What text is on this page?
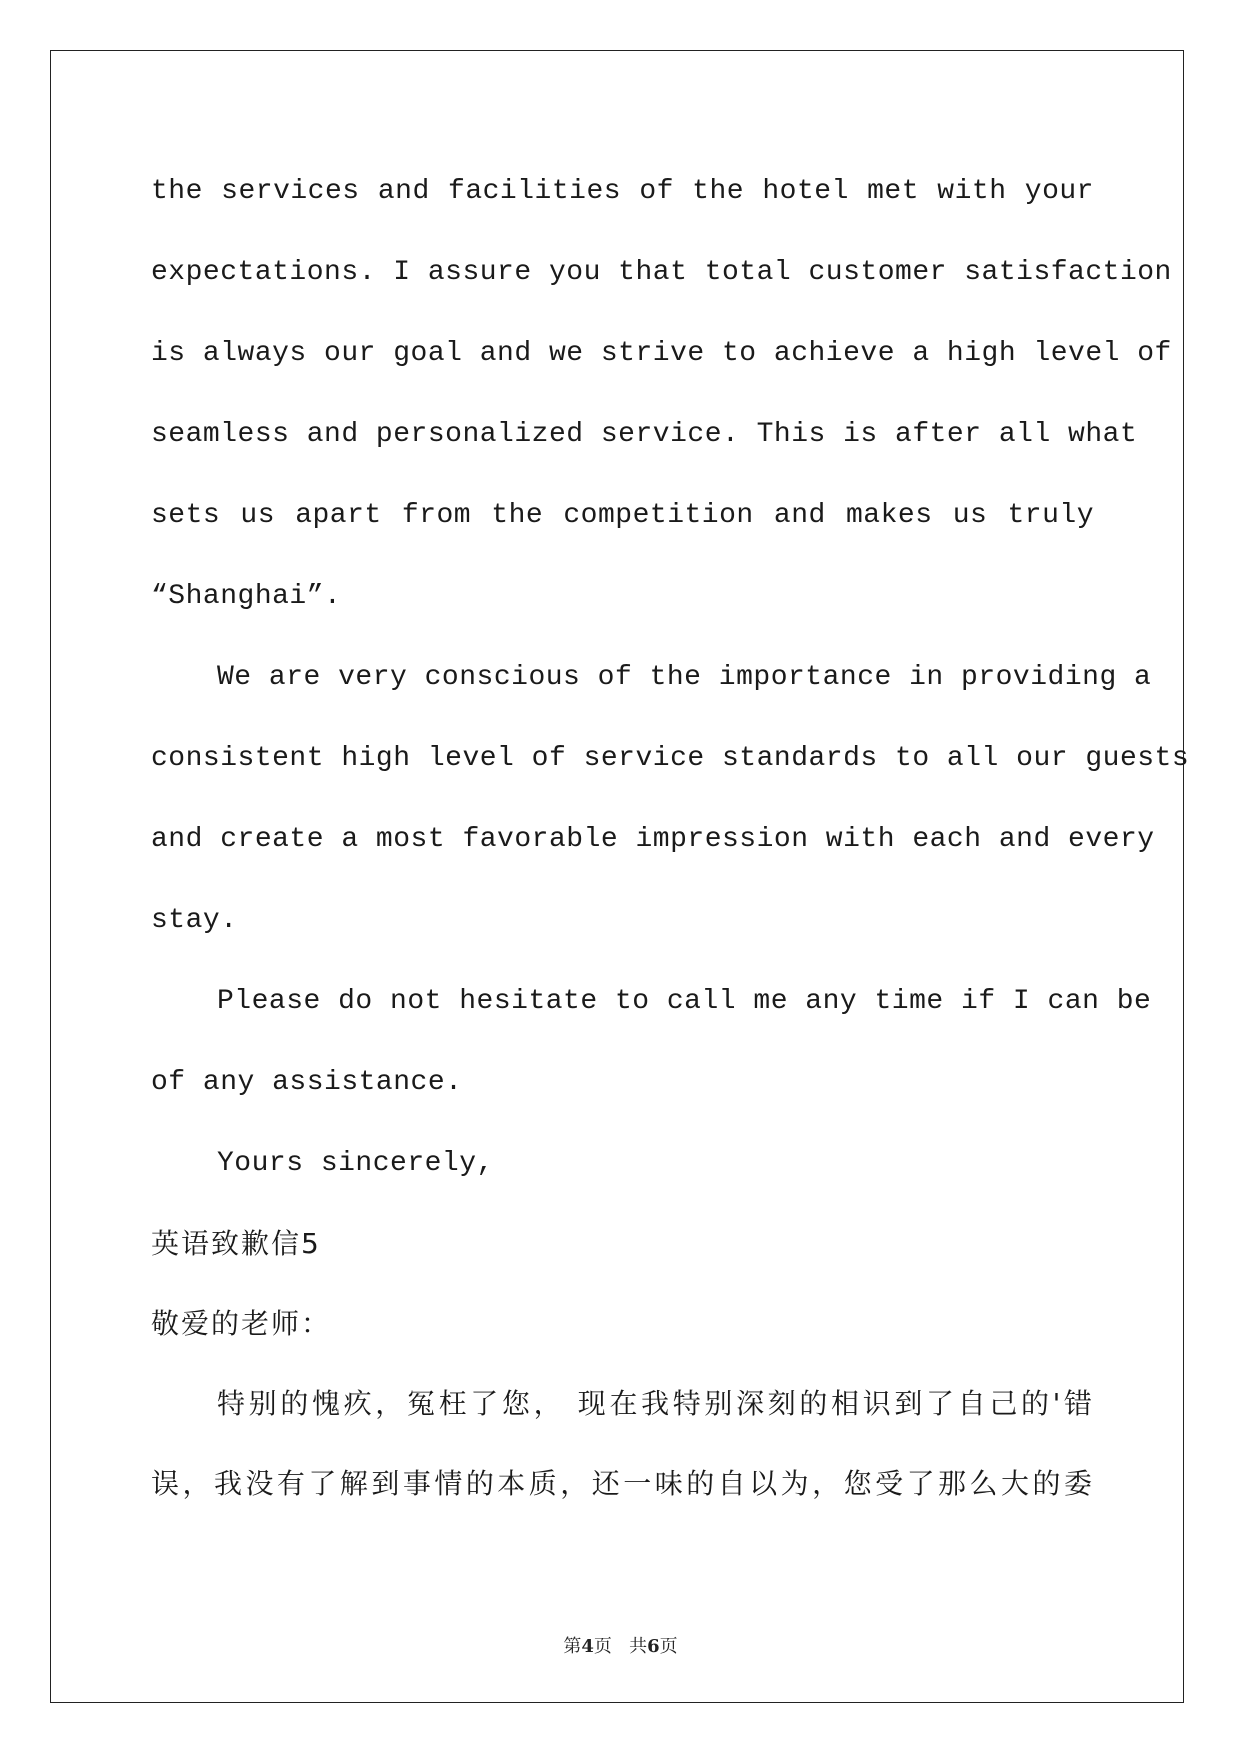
the services and facilities of the hotel met with your
expectations. I assure you that total customer satisfaction
is always our goal and we strive to achieve a high level of
seamless and personalized service. This is after all what
sets us apart from the competition and makes us truly
“Shanghai”.
We are very conscious of the importance in providing a
consistent high level of service standards to all our guests
and create a most favorable impression with each and every
stay.
Please do not hesitate to call me any time if I can be
of any assistance.
Yours sincerely,
英语致歉信5
敬爱的老师：
特别的愧疚，冤枉了您， 现在我特别深刻的相识到了自己的'错
误，我没有了解到事情的本质，还一味的自以为，您受了那么大的委
第4页 共6页
